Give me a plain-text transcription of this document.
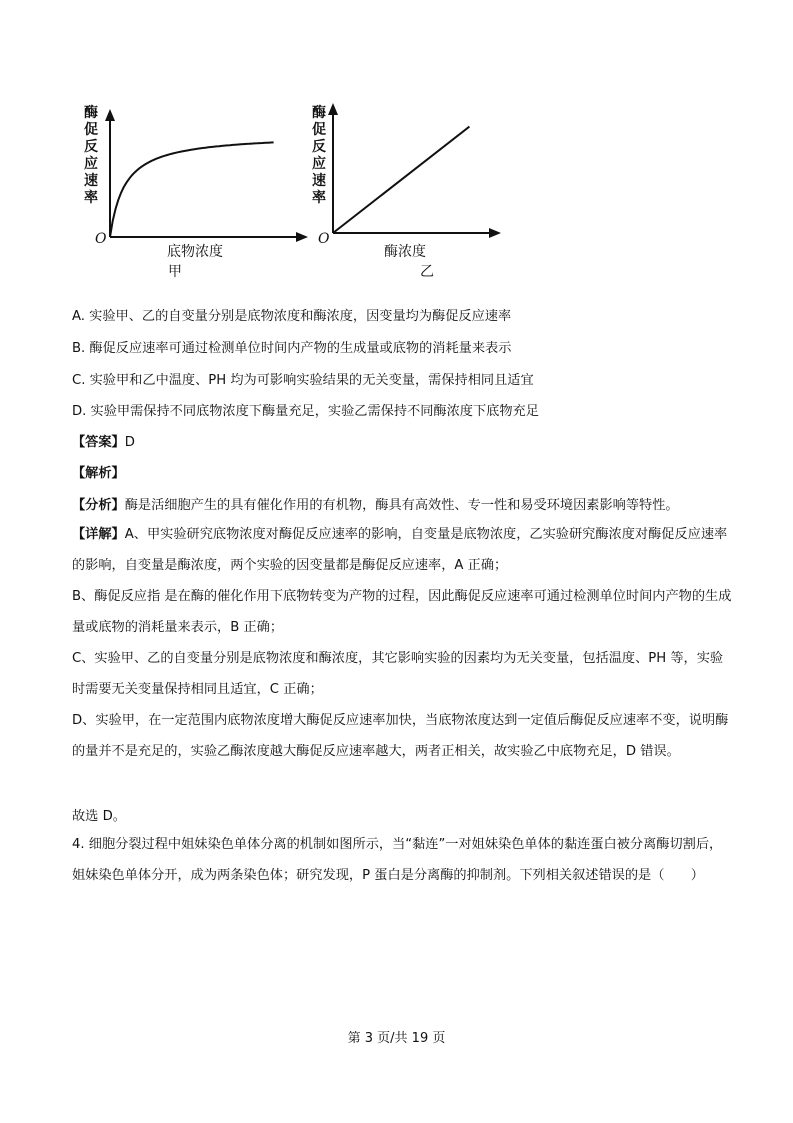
酶
促
反
应
速
率
O
底物浓度
甲
酶
促
反
应
速
率
O
酶浓度
乙
A. 实验甲、乙的自变量分别是底物浓度和酶浓度，因变量均为酶促反应速率
B. 酶促反应速率可通过检测单位时间内产物的生成量或底物的消耗量来表示
C. 实验甲和乙中温度、PH 均为可影响实验结果的无关变量，需保持相同且适宜
D. 实验甲需保持不同底物浓度下酶量充足，实验乙需保持不同酶浓度下底物充足
【答案】D
【解析】
【分析】酶是活细胞产生的具有催化作用的有机物，酶具有高效性、专一性和易受环境因素影响等特性。
【详解】A、甲实验研究底物浓度对酶促反应速率的影响，自变量是底物浓度，乙实验研究酶浓度对酶促反应速率的影响，自变量是酶浓度，两个实验的因变量都是酶促反应速率，A 正确；
B、酶促反应指 是在酶的催化作用下底物转变为产物的过程，因此酶促反应速率可通过检测单位时间内产物的生成量或底物的消耗量来表示，B 正确；
C、实验甲、乙的自变量分别是底物浓度和酶浓度，其它影响实验的因素均为无关变量，包括温度、PH 等，实验时需要无关变量保持相同且适宜，C 正确；
D、实验甲，在一定范围内底物浓度增大酶促反应速率加快，当底物浓度达到一定值后酶促反应速率不变，说明酶的量并不是充足的，实验乙酶浓度越大酶促反应速率越大，两者正相关，故实验乙中底物充足，D 错误。
故选 D。
4. 细胞分裂过程中姐妹染色单体分离的机制如图所示，当“黏连”一对姐妹染色单体的黏连蛋白被分离酶切割后，姐妹染色单体分开，成为两条染色体；研究发现，P 蛋白是分离酶的抑制剂。下列相关叙述错误的是（　　）
第 3 页/共 19 页
